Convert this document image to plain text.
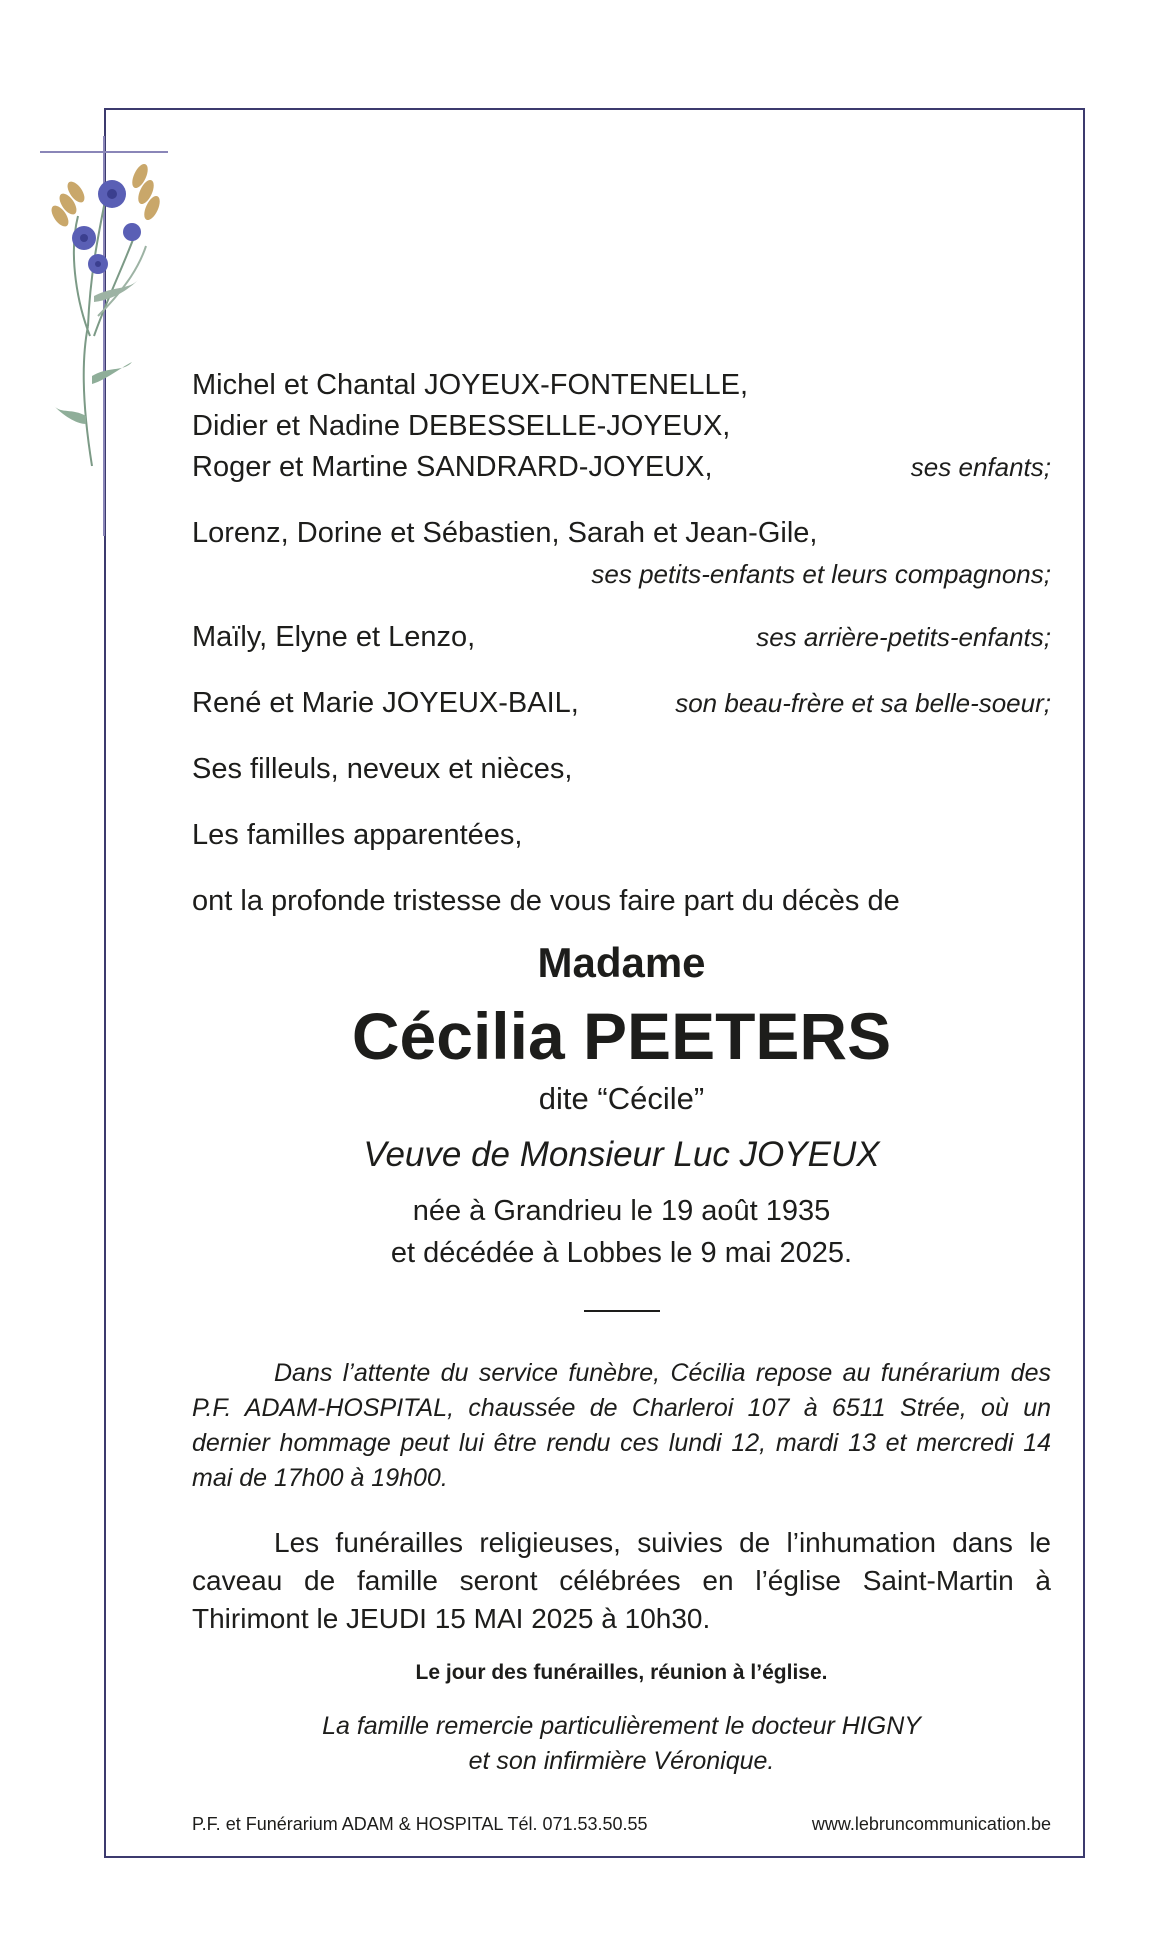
Michel et Chantal JOYEUX-FONTENELLE,
Didier et Nadine DEBESSELLE-JOYEUX,
Roger et Martine SANDRARD-JOYEUX,	ses enfants;
Lorenz, Dorine et Sébastien, Sarah et Jean-Gile,
ses petits-enfants et leurs compagnons;
Maïly, Elyne et Lenzo,	ses arrière-petits-enfants;
René et Marie JOYEUX-BAIL,	son beau-frère et sa belle-soeur;
Ses filleuls, neveux et nièces,
Les familles apparentées,
ont la profonde tristesse de vous faire part du décès de
Madame
Cécilia PEETERS
dite “Cécile”
Veuve de Monsieur Luc JOYEUX
née à Grandrieu le 19 août 1935
et décédée à Lobbes le 9 mai 2025.
Dans l’attente du service funèbre, Cécilia repose au funérarium des P.F. ADAM-HOSPITAL, chaussée de Charleroi 107 à 6511 Strée, où un dernier hommage peut lui être rendu ces lundi 12, mardi 13 et mercredi 14 mai de 17h00 à 19h00.
Les funérailles religieuses, suivies de l’inhumation dans le caveau de famille seront célébrées en l’église Saint-Martin à Thirimont le JEUDI 15 MAI 2025 à 10h30.
Le jour des funérailles, réunion à l’église.
La famille remercie particulièrement le docteur HIGNY
et son infirmière Véronique.
P.F. et Funérarium ADAM & HOSPITAL Tél. 071.53.50.55	www.lebruncommunication.be
